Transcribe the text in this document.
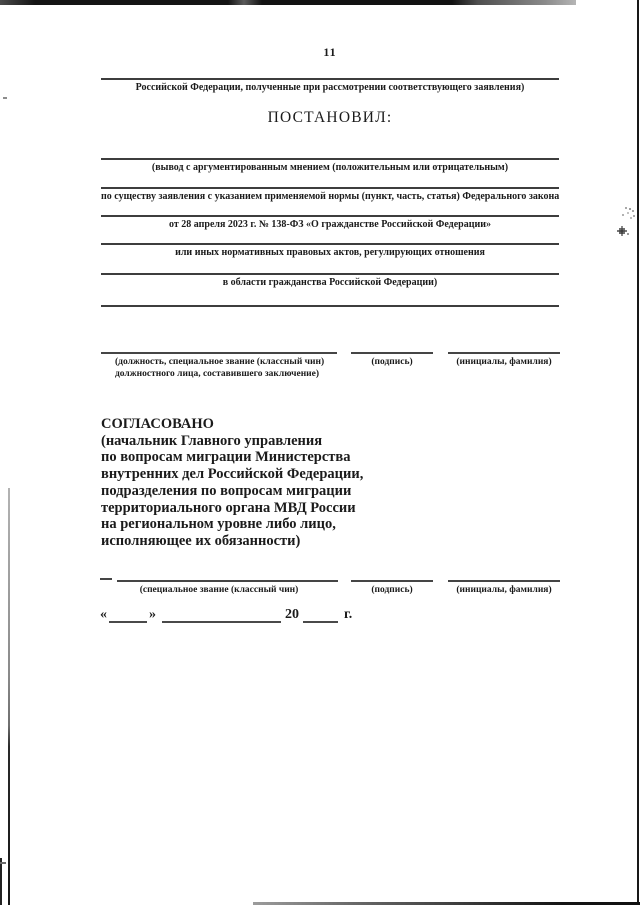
11
Российской Федерации, полученные при рассмотрении соответствующего заявления)
ПОСТАНОВИЛ:
(вывод с аргументированным мнением (положительным или отрицательным)
по существу заявления с указанием применяемой нормы (пункт, часть, статья) Федерального закона
от 28 апреля 2023 г. № 138-ФЗ «О гражданстве Российской Федерации»
или иных нормативных правовых актов, регулирующих отношения
в области гражданства Российской Федерации)
(должность, специальное звание (классный чин)
должностного лица, составившего заключение)
(подпись)	(инициалы, фамилия)
СОГЛАСОВАНО
(начальник Главного управления
по вопросам миграции Министерства
внутренних дел Российской Федерации,
подразделения по вопросам миграции
территориального органа МВД России
на региональном уровне либо лицо,
исполняющее их обязанности)
(специальное звание (классный чин)	(подпись)	(инициалы, фамилия)
«	»	20	г.
